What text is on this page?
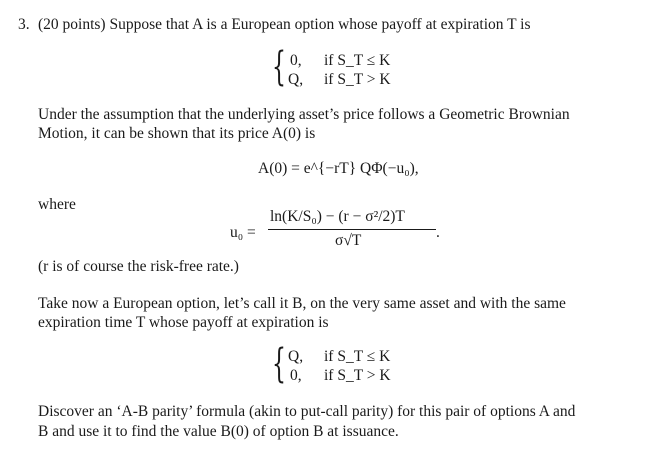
3. (20 points) Suppose that A is a European option whose payoff at expiration T is
{ 0, if S_T ≤ K
Q, if S_T > K
Under the assumption that the underlying asset’s price follows a Geometric Brownian
Motion, it can be shown that its price A(0) is
A(0) = e^{−rT} QΦ(−u₀),
where
u₀ =
ln(K/S₀) − (r − σ²/2)T
σ√T	.
(r is of course the risk-free rate.)
Take now a European option, let’s call it B, on the very same asset and with the same
expiration time T whose payoff at expiration is
{ Q, if S_T ≤ K
0, if S_T > K
Discover an ‘A-B parity’ formula (akin to put-call parity) for this pair of options A and
B and use it to find the value B(0) of option B at issuance.
